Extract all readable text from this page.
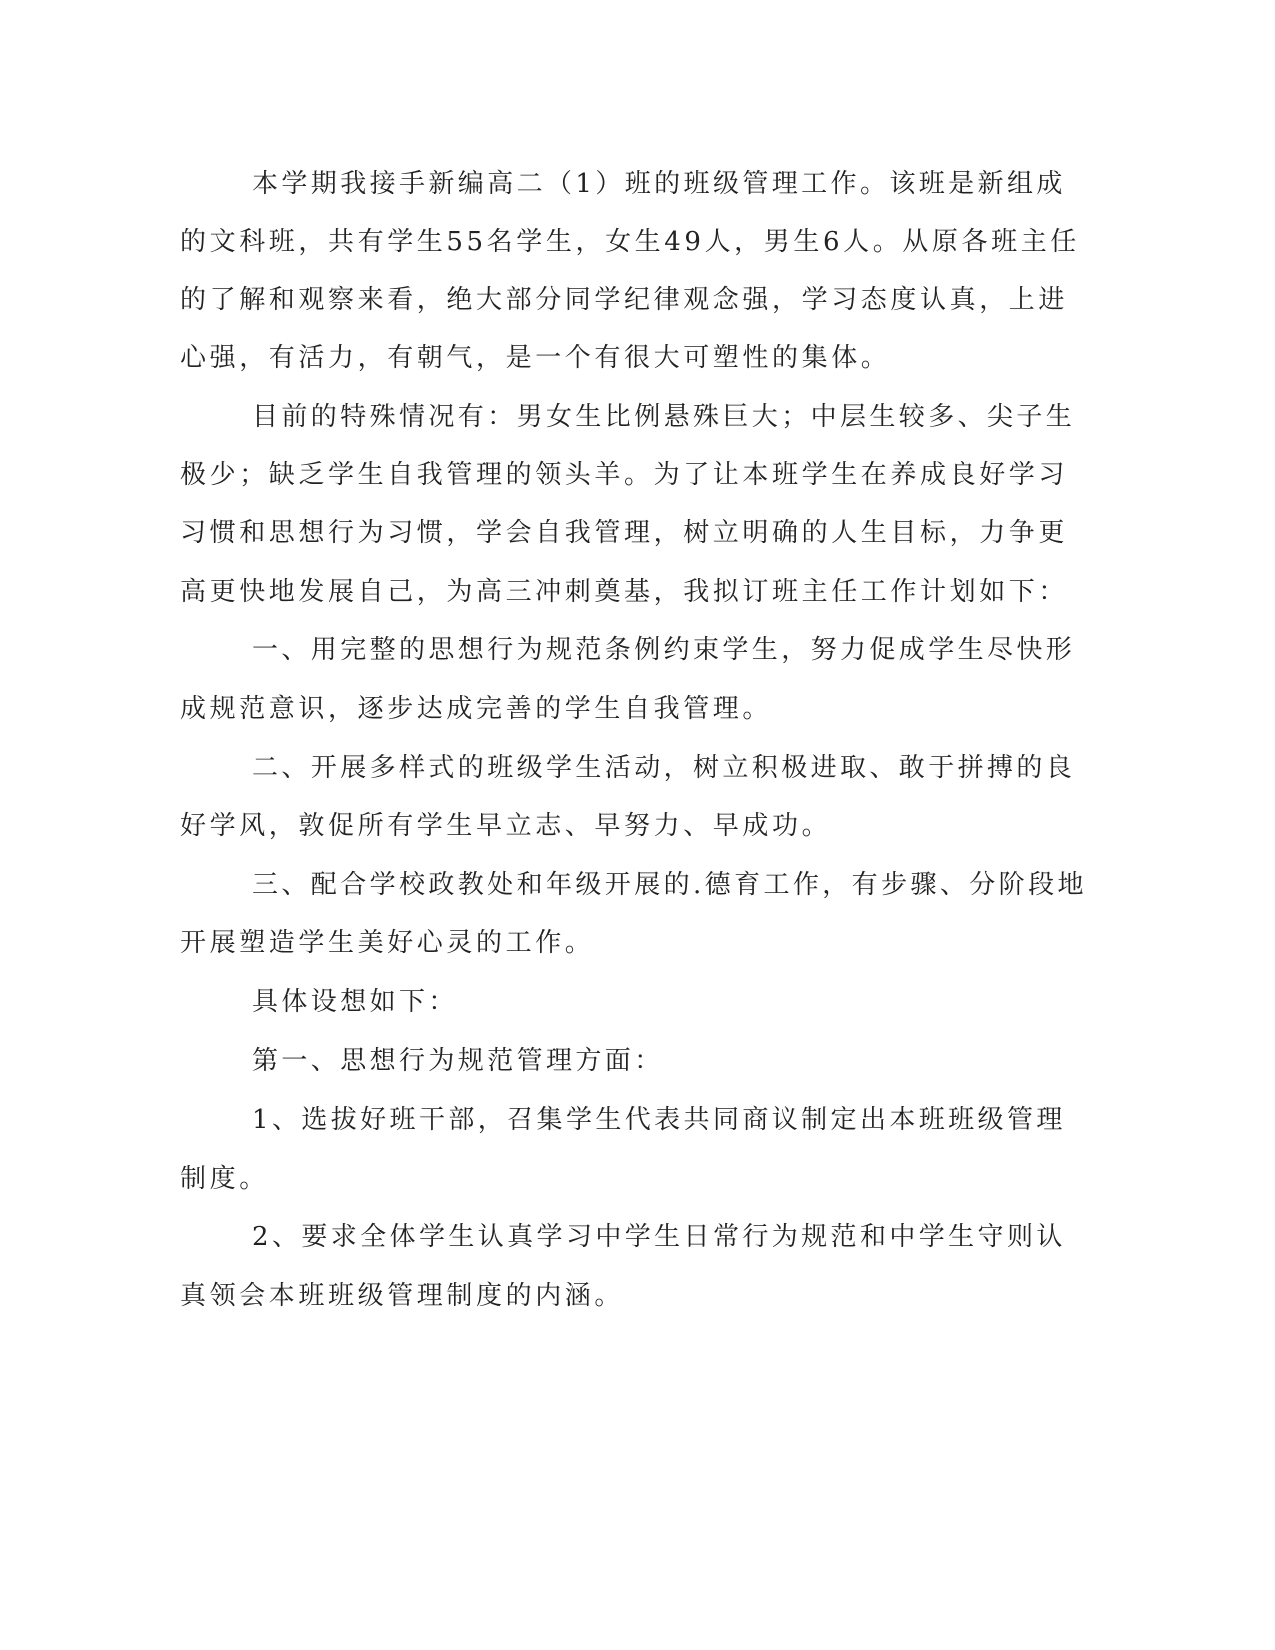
本学期我接手新编高二（1）班的班级管理工作。该班是新组成
的文科班，共有学生55名学生，女生49人，男生6人。从原各班主任
的了解和观察来看，绝大部分同学纪律观念强，学习态度认真，上进
心强，有活力，有朝气，是一个有很大可塑性的集体。
目前的特殊情况有：男女生比例悬殊巨大；中层生较多、尖子生
极少；缺乏学生自我管理的领头羊。为了让本班学生在养成良好学习
习惯和思想行为习惯，学会自我管理，树立明确的人生目标，力争更
高更快地发展自己，为高三冲刺奠基，我拟订班主任工作计划如下：
一、用完整的思想行为规范条例约束学生，努力促成学生尽快形
成规范意识，逐步达成完善的学生自我管理。
二、开展多样式的班级学生活动，树立积极进取、敢于拼搏的良
好学风，敦促所有学生早立志、早努力、早成功。
三、配合学校政教处和年级开展的.德育工作，有步骤、分阶段地
开展塑造学生美好心灵的工作。
具体设想如下：
第一、思想行为规范管理方面：
1、选拔好班干部，召集学生代表共同商议制定出本班班级管理
制度。
2、要求全体学生认真学习中学生日常行为规范和中学生守则认
真领会本班班级管理制度的内涵。
